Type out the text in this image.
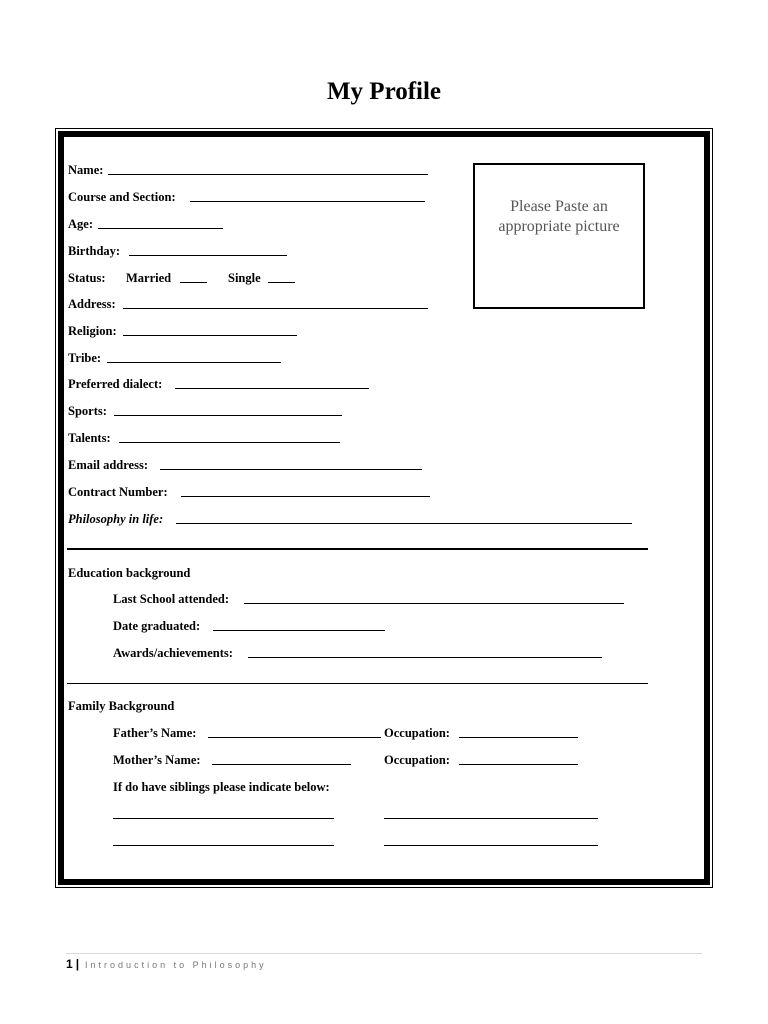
My Profile
Please Paste an appropriate picture
Name:
Course and Section:
Age:
Birthday:
Status: Married	Single
Address:
Religion:
Tribe:
Preferred dialect:
Sports:
Talents:
Email address:
Contract Number:
Philosophy in life:
Education background
Last School attended:
Date graduated:
Awards/achievements:
Family Background
Father’s Name:	Occupation:
Mother’s Name:	Occupation:
If do have siblings please indicate below:
1 | Introduction to Philosophy
